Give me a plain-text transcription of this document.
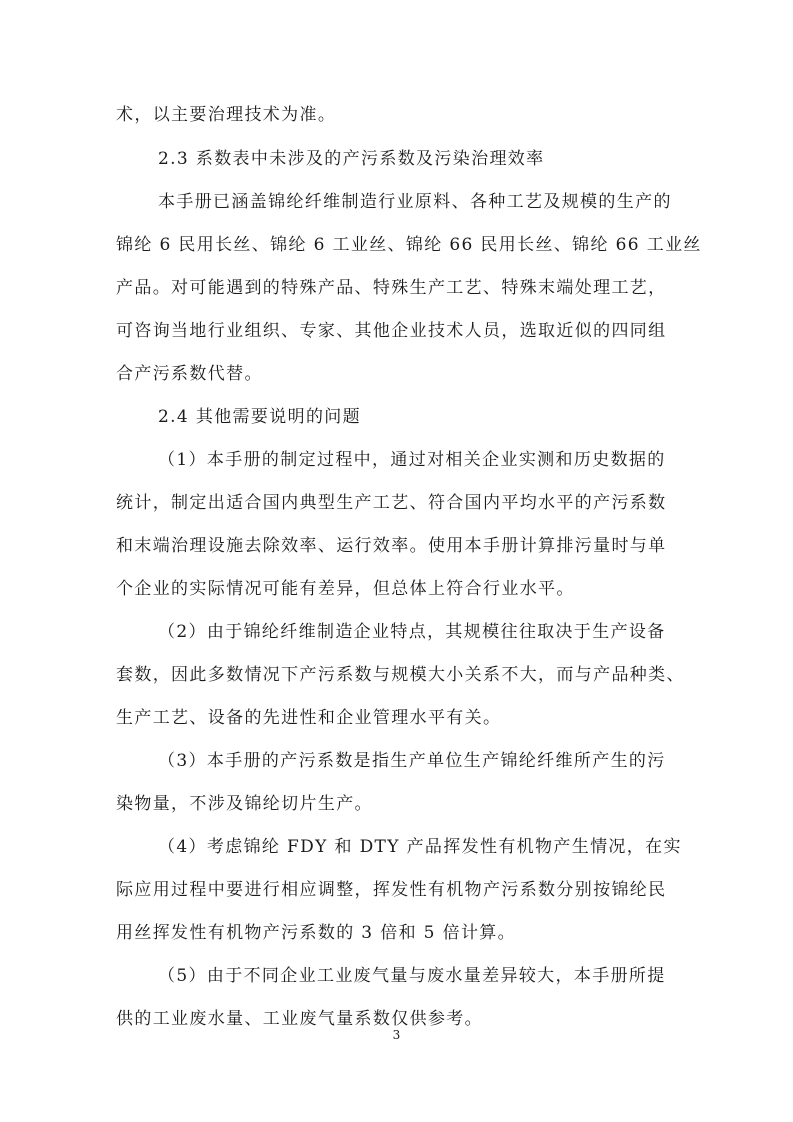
术，以主要治理技术为准。
2.3 系数表中未涉及的产污系数及污染治理效率
本手册已涵盖锦纶纤维制造行业原料、各种工艺及规模的生产的
锦纶 6 民用长丝、锦纶 6 工业丝、锦纶 66 民用长丝、锦纶 66 工业丝
产品。对可能遇到的特殊产品、特殊生产工艺、特殊末端处理工艺，
可咨询当地行业组织、专家、其他企业技术人员，选取近似的四同组
合产污系数代替。
2.4 其他需要说明的问题
（1）本手册的制定过程中，通过对相关企业实测和历史数据的
统计，制定出适合国内典型生产工艺、符合国内平均水平的产污系数
和末端治理设施去除效率、运行效率。使用本手册计算排污量时与单
个企业的实际情况可能有差异，但总体上符合行业水平。
（2）由于锦纶纤维制造企业特点，其规模往往取决于生产设备
套数，因此多数情况下产污系数与规模大小关系不大，而与产品种类、
生产工艺、设备的先进性和企业管理水平有关。
（3）本手册的产污系数是指生产单位生产锦纶纤维所产生的污
染物量，不涉及锦纶切片生产。
（4）考虑锦纶 FDY 和 DTY 产品挥发性有机物产生情况，在实
际应用过程中要进行相应调整，挥发性有机物产污系数分别按锦纶民
用丝挥发性有机物产污系数的 3 倍和 5 倍计算。
（5）由于不同企业工业废气量与废水量差异较大，本手册所提
供的工业废水量、工业废气量系数仅供参考。
3
